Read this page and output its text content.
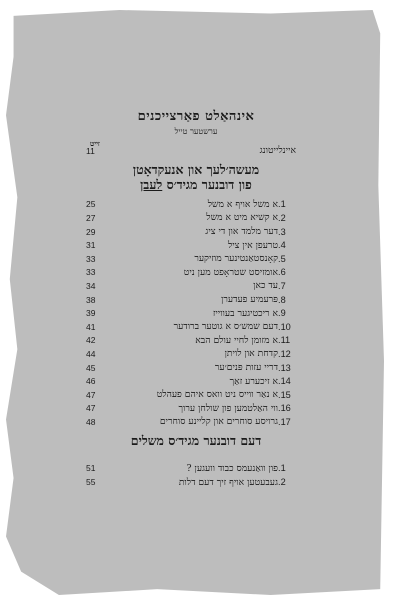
זייט
אינהאַלט פאַרצייכנים
ערשטער טייל
איינלייטונג
11
מעשה׳לעך און אנעקדאָטן
פון דובנער מגיד׳ס לעבן
1.
א משל אויף א משל
25
2.
א קשיא מיט א משל
27
3.
דער מלמד און די ציג
29
4.
טרעפן אין ציל
31
5.
קאָנסטאַנטינער מוזיקער
33
6.
אומזיסט שטראָפט מען ניט
33
7.
עד כאן
34
8.
פּרעמיע פעדערן
38
9.
א ריכטיגער בעווייז
39
10.
דעם שמש׳ס א גוטער ברודער
41
11.
א מזומן לחיי עולם הבא
42
12.
קדחת און לויתן
44
13.
דריי עזות פּנים׳ער
45
14.
א זיכערע זאַך
46
15.
א נאַר ווייס ניט וואס איהם פעהלט
47
16.
ווי האַלטמען פון שולחן ערוך
47
17.
גרויסע סוחרים און קליינע סוחרים
48
דעם דובנער מגיד׳ס משלים
1.
פון וואַנעמס כבוד וועגען ?
51
2.
געבעטען אויף זיך דעם דלות
55
